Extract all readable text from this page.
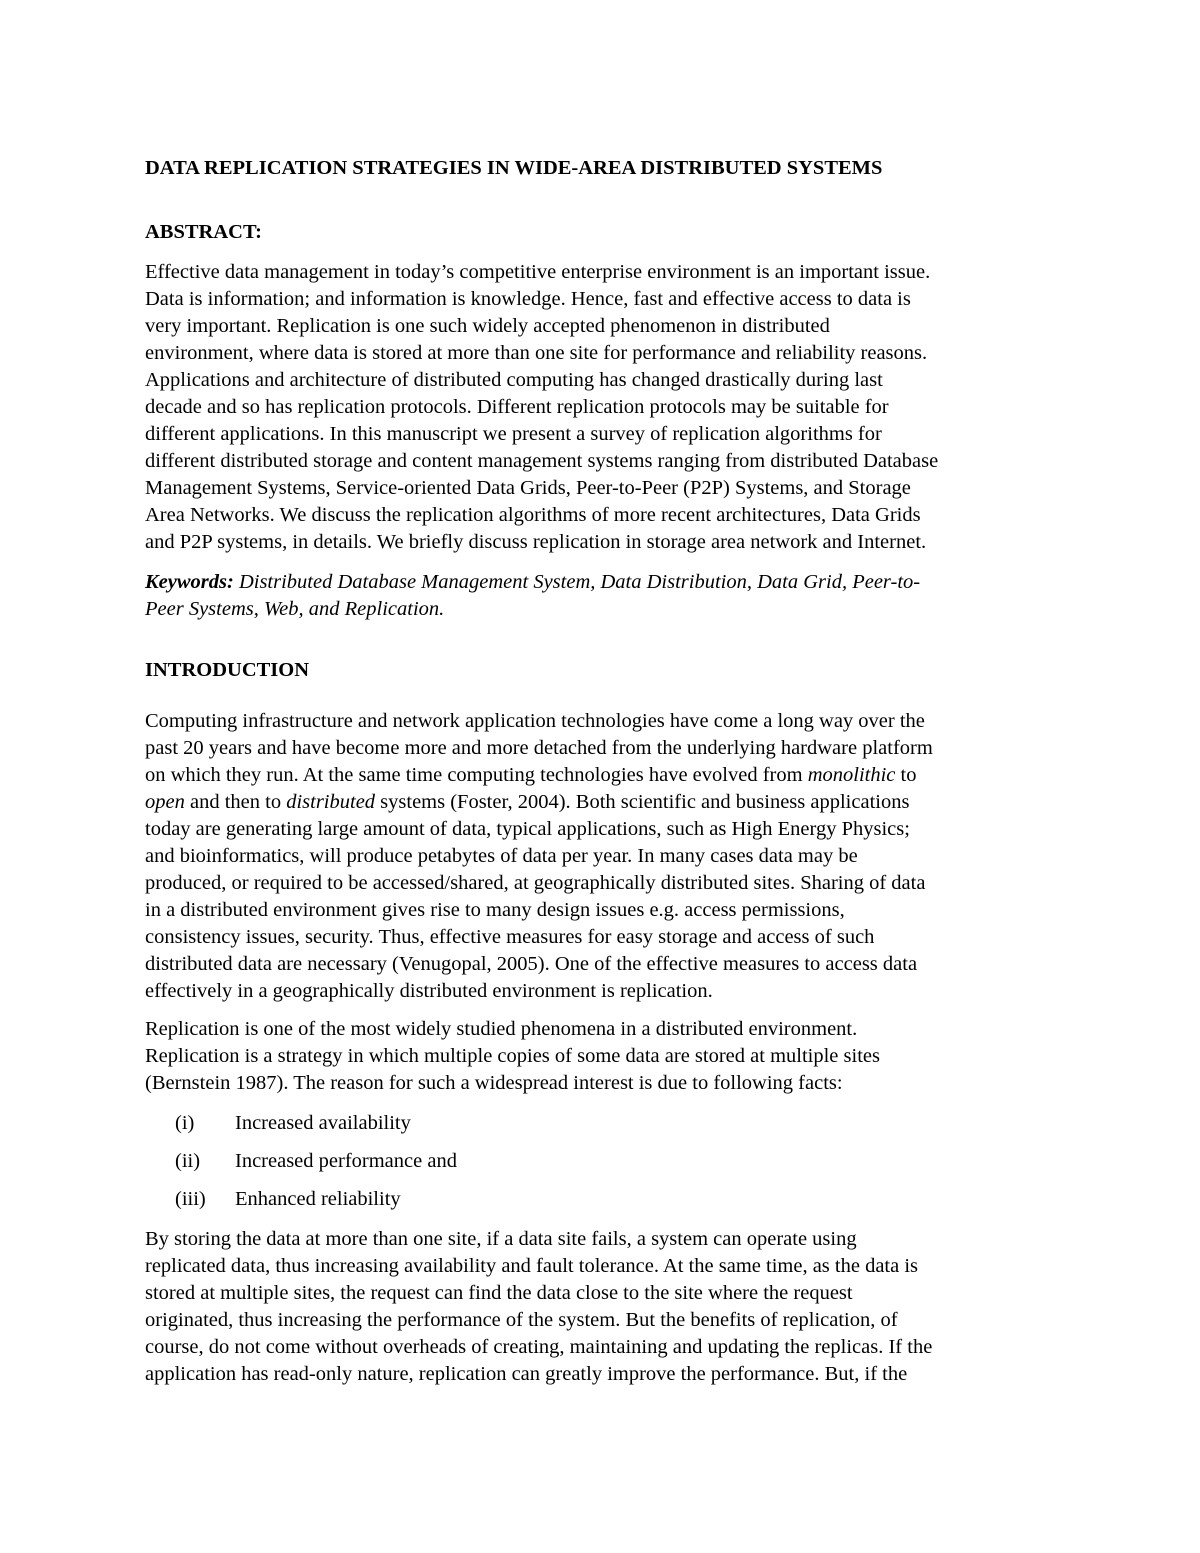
DATA REPLICATION STRATEGIES IN WIDE-AREA DISTRIBUTED SYSTEMS
ABSTRACT:

Effective data management in today’s competitive enterprise environment is an important issue.
Data is information; and information is knowledge. Hence, fast and effective access to data is
very important. Replication is one such widely accepted phenomenon in distributed
environment, where data is stored at more than one site for performance and reliability reasons.
Applications and architecture of distributed computing has changed drastically during last
decade and so has replication protocols. Different replication protocols may be suitable for
different applications. In this manuscript we present a survey of replication algorithms for
different distributed storage and content management systems ranging from distributed Database
Management Systems, Service-oriented Data Grids, Peer-to-Peer (P2P) Systems, and Storage
Area Networks. We discuss the replication algorithms of more recent architectures, Data Grids
and P2P systems, in details. We briefly discuss replication in storage area network and Internet.

Keywords: Distributed Database Management System, Data Distribution, Data Grid, Peer-to-
Peer Systems, Web, and Replication.

INTRODUCTION

Computing infrastructure and network application technologies have come a long way over the
past 20 years and have become more and more detached from the underlying hardware platform
on which they run. At the same time computing technologies have evolved from monolithic to
open and then to distributed systems (Foster, 2004). Both scientific and business applications
today are generating large amount of data, typical applications, such as High Energy Physics;
and bioinformatics, will produce petabytes of data per year. In many cases data may be
produced, or required to be accessed/shared, at geographically distributed sites. Sharing of data
in a distributed environment gives rise to many design issues e.g. access permissions,
consistency issues, security. Thus, effective measures for easy storage and access of such
distributed data are necessary (Venugopal, 2005). One of the effective measures to access data
effectively in a geographically distributed environment is replication.

Replication is one of the most widely studied phenomena in a distributed environment.
Replication is a strategy in which multiple copies of some data are stored at multiple sites
(Bernstein 1987). The reason for such a widespread interest is due to following facts:

(i)	Increased availability
(ii)	Increased performance and
(iii)	Enhanced reliability

By storing the data at more than one site, if a data site fails, a system can operate using
replicated data, thus increasing availability and fault tolerance. At the same time, as the data is
stored at multiple sites, the request can find the data close to the site where the request
originated, thus increasing the performance of the system. But the benefits of replication, of
course, do not come without overheads of creating, maintaining and updating the replicas. If the
application has read-only nature, replication can greatly improve the performance. But, if the
